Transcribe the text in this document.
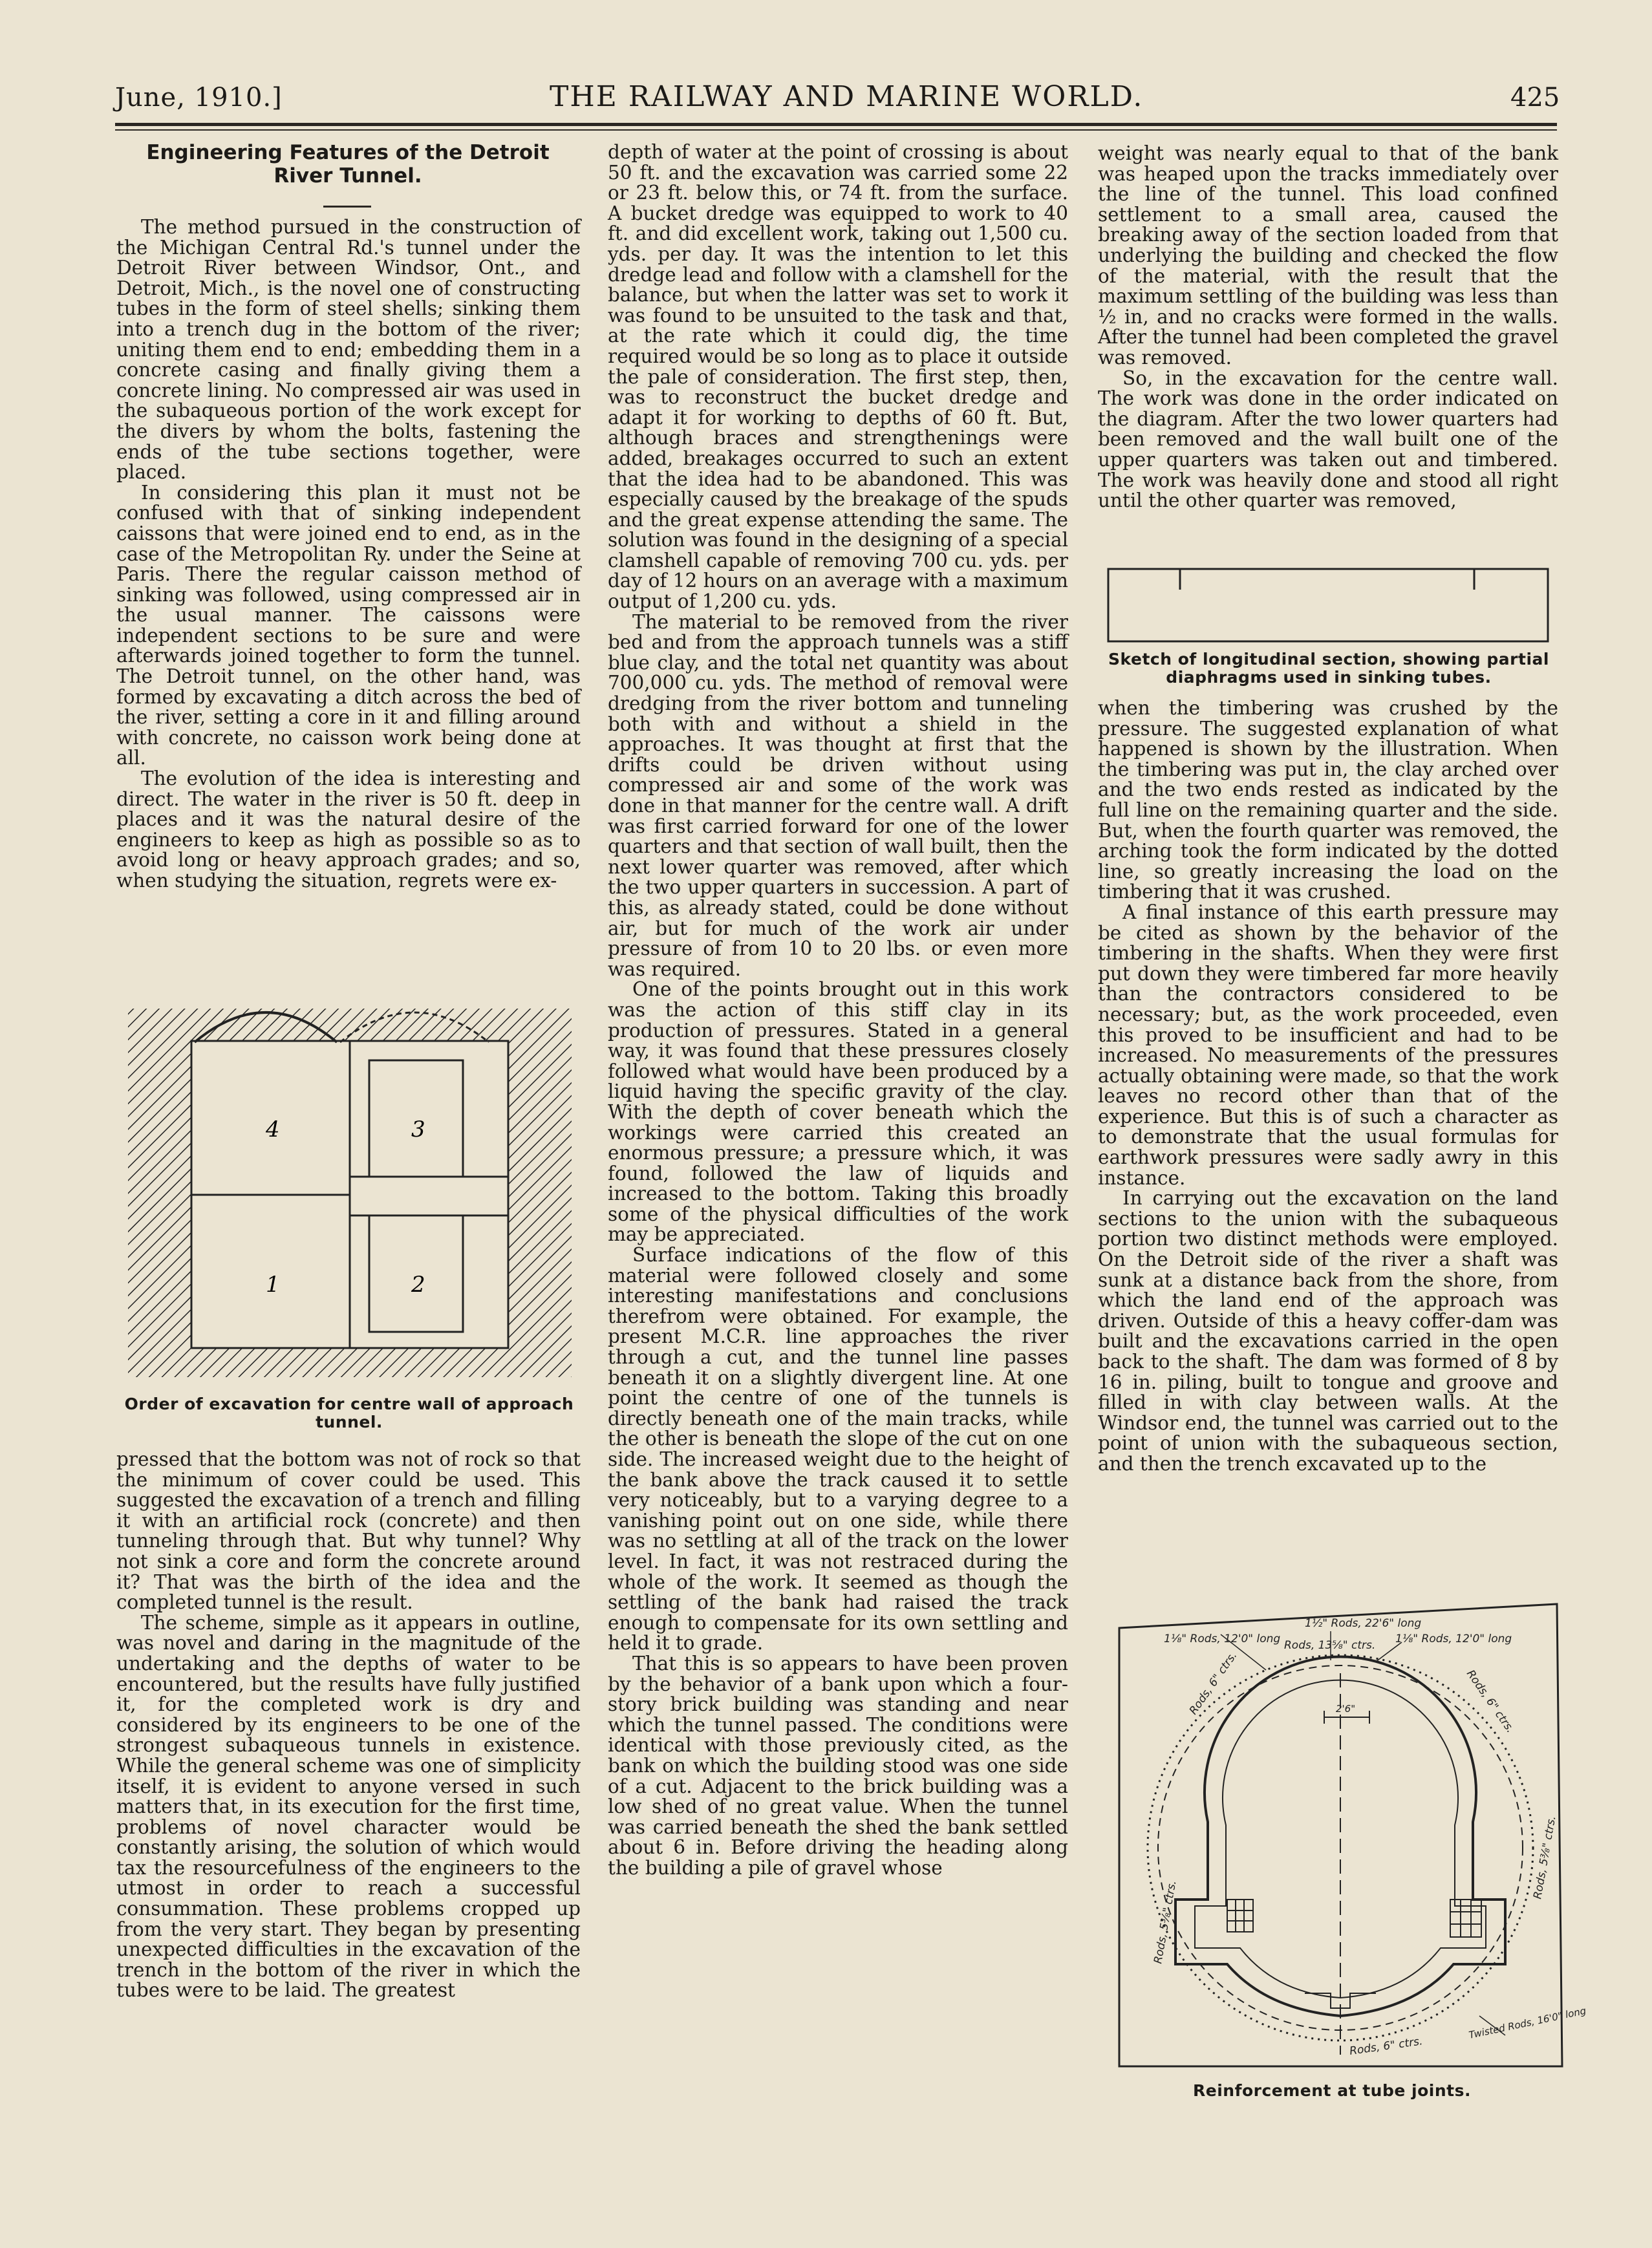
June, 1910.]	THE RAILWAY AND MARINE WORLD.	425
Engineering Features of the Detroit
River Tunnel.

The method pursued in the construction of the Michigan Central Rd.'s tunnel under the Detroit River between Windsor, Ont., and Detroit, Mich., is the novel one of constructing tubes in the form of steel shells; sinking them into a trench dug in the bottom of the river; uniting them end to end; embedding them in a concrete casing and finally giving them a concrete lining. No compressed air was used in the subaqueous portion of the work except for the divers by whom the bolts, fastening the ends of the tube sections together, were placed.

In considering this plan it must not be confused with that of sinking independent caissons that were joined end to end, as in the case of the Metropolitan Ry. under the Seine at Paris. There the regular caisson method of sinking was followed, using compressed air in the usual manner. The caissons were independent sections to be sure and were afterwards joined together to form the tunnel. The Detroit tunnel, on the other hand, was formed by excavating a ditch across the bed of the river, setting a core in it and filling around with concrete, no caisson work being done at all.

The evolution of the idea is interesting and direct. The water in the river is 50 ft. deep in places and it was the natural desire of the engineers to keep as high as possible so as to avoid long or heavy approach grades; and so, when studying the situation, regrets were ex-

4	3
1	2
Order of excavation for centre wall of approach tunnel.

pressed that the bottom was not of rock so that the minimum of cover could be used. This suggested the excavation of a trench and filling it with an artificial rock (concrete) and then tunneling through that. But why tunnel? Why not sink a core and form the concrete around it? That was the birth of the idea and the completed tunnel is the result.

The scheme, simple as it appears in outline, was novel and daring in the magnitude of the undertaking and the depths of water to be encountered, but the results have fully justified it, for the completed work is dry and considered by its engineers to be one of the strongest subaqueous tunnels in existence. While the general scheme was one of simplicity itself, it is evident to anyone versed in such matters that, in its execution for the first time, problems of novel character would be constantly arising, the solution of which would tax the resourcefulness of the engineers to the utmost in order to reach a successful consummation. These problems cropped up from the very start. They began by presenting unexpected difficulties in the excavation of the trench in the bottom of the river in which the tubes were to be laid. The greatest

depth of water at the point of crossing is about 50 ft. and the excavation was carried some 22 or 23 ft. below this, or 74 ft. from the surface. A bucket dredge was equipped to work to 40 ft. and did excellent work, taking out 1,500 cu. yds. per day. It was the intention to let this dredge lead and follow with a clamshell for the balance, but when the latter was set to work it was found to be unsuited to the task and that, at the rate which it could dig, the time required would be so long as to place it outside the pale of consideration. The first step, then, was to reconstruct the bucket dredge and adapt it for working to depths of 60 ft. But, although braces and strengthenings were added, breakages occurred to such an extent that the idea had to be abandoned. This was especially caused by the breakage of the spuds and the great expense attending the same. The solution was found in the designing of a special clamshell capable of removing 700 cu. yds. per day of 12 hours on an average with a maximum output of 1,200 cu. yds.

The material to be removed from the river bed and from the approach tunnels was a stiff blue clay, and the total net quantity was about 700,000 cu. yds. The method of removal were dredging from the river bottom and tunneling both with and without a shield in the approaches. It was thought at first that the drifts could be driven without using compressed air and some of the work was done in that manner for the centre wall. A drift was first carried forward for one of the lower quarters and that section of wall built, then the next lower quarter was removed, after which the two upper quarters in succession. A part of this, as already stated, could be done without air, but for much of the work air under pressure of from 10 to 20 lbs. or even more was required.

One of the points brought out in this work was the action of this stiff clay in its production of pressures. Stated in a general way, it was found that these pressures closely followed what would have been produced by a liquid having the specific gravity of the clay. With the depth of cover beneath which the workings were carried this created an enormous pressure; a pressure which, it was found, followed the law of liquids and increased to the bottom. Taking this broadly some of the physical difficulties of the work may be appreciated.

Surface indications of the flow of this material were followed closely and some interesting manifestations and conclusions therefrom were obtained. For example, the present M.C.R. line approaches the river through a cut, and the tunnel line passes beneath it on a slightly divergent line. At one point the centre of one of the tunnels is directly beneath one of the main tracks, while the other is beneath the slope of the cut on one side. The increased weight due to the height of the bank above the track caused it to settle very noticeably, but to a varying degree to a vanishing point out on one side, while there was no settling at all of the track on the lower level. In fact, it was not restraced during the whole of the work. It seemed as though the settling of the bank had raised the track enough to compensate for its own settling and held it to grade.

That this is so appears to have been proven by the behavior of a bank upon which a four-story brick building was standing and near which the tunnel passed. The conditions were identical with those previously cited, as the bank on which the building stood was one side of a cut. Adjacent to the brick building was a low shed of no great value. When the tunnel was carried beneath the shed the bank settled about 6 in. Before driving the heading along the building a pile of gravel whose

weight was nearly equal to that of the bank was heaped upon the tracks immediately over the line of the tunnel. This load confined settlement to a small area, caused the breaking away of the section loaded from that underlying the building and checked the flow of the material, with the result that the maximum settling of the building was less than ½ in, and no cracks were formed in the walls. After the tunnel had been completed the gravel was removed.

So, in the excavation for the centre wall. The work was done in the order indicated on the diagram. After the two lower quarters had been removed and the wall built one of the upper quarters was taken out and timbered. The work was heavily done and stood all right until the other quarter was removed,

Sketch of longitudinal section, showing partial diaphragms used in sinking tubes.

when the timbering was crushed by the pressure. The suggested explanation of what happened is shown by the illustration. When the timbering was put in, the clay arched over and the two ends rested as indicated by the full line on the remaining quarter and the side. But, when the fourth quarter was removed, the arching took the form indicated by the dotted line, so greatly increasing the load on the timbering that it was crushed.

A final instance of this earth pressure may be cited as shown by the behavior of the timbering in the shafts. When they were first put down they were timbered far more heavily than the contractors considered to be necessary; but, as the work proceeded, even this proved to be insufficient and had to be increased. No measurements of the pressures actually obtaining were made, so that the work leaves no record other than that of the experience. But this is of such a character as to demonstrate that the usual formulas for earthwork pressures were sadly awry in this instance.

In carrying out the excavation on the land sections to the union with the subaqueous portion two distinct methods were employed. On the Detroit side of the river a shaft was sunk at a distance back from the shore, from which the land end of the approach was driven. Outside of this a heavy coffer-dam was built and the excavations carried in the open back to the shaft. The dam was formed of 8 by 16 in. piling, built to tongue and groove and filled in with clay between walls. At the Windsor end, the tunnel was carried out to the point of union with the subaqueous section, and then the trench excavated up to the

1½" Rods, 22'6" long
1⅛" Rods, 12'0" long Rods, 13⅝" ctrs. 1⅛" Rods, 12'0" long
2'6"
Rods, 6" ctrs.	Rods, 6" ctrs.
Rods, 5⅜" ctrs.
Rods, 5⅜" ctrs.
Rods, 6" ctrs.
Twisted Rods, 16'0" long
Reinforcement at tube joints.
